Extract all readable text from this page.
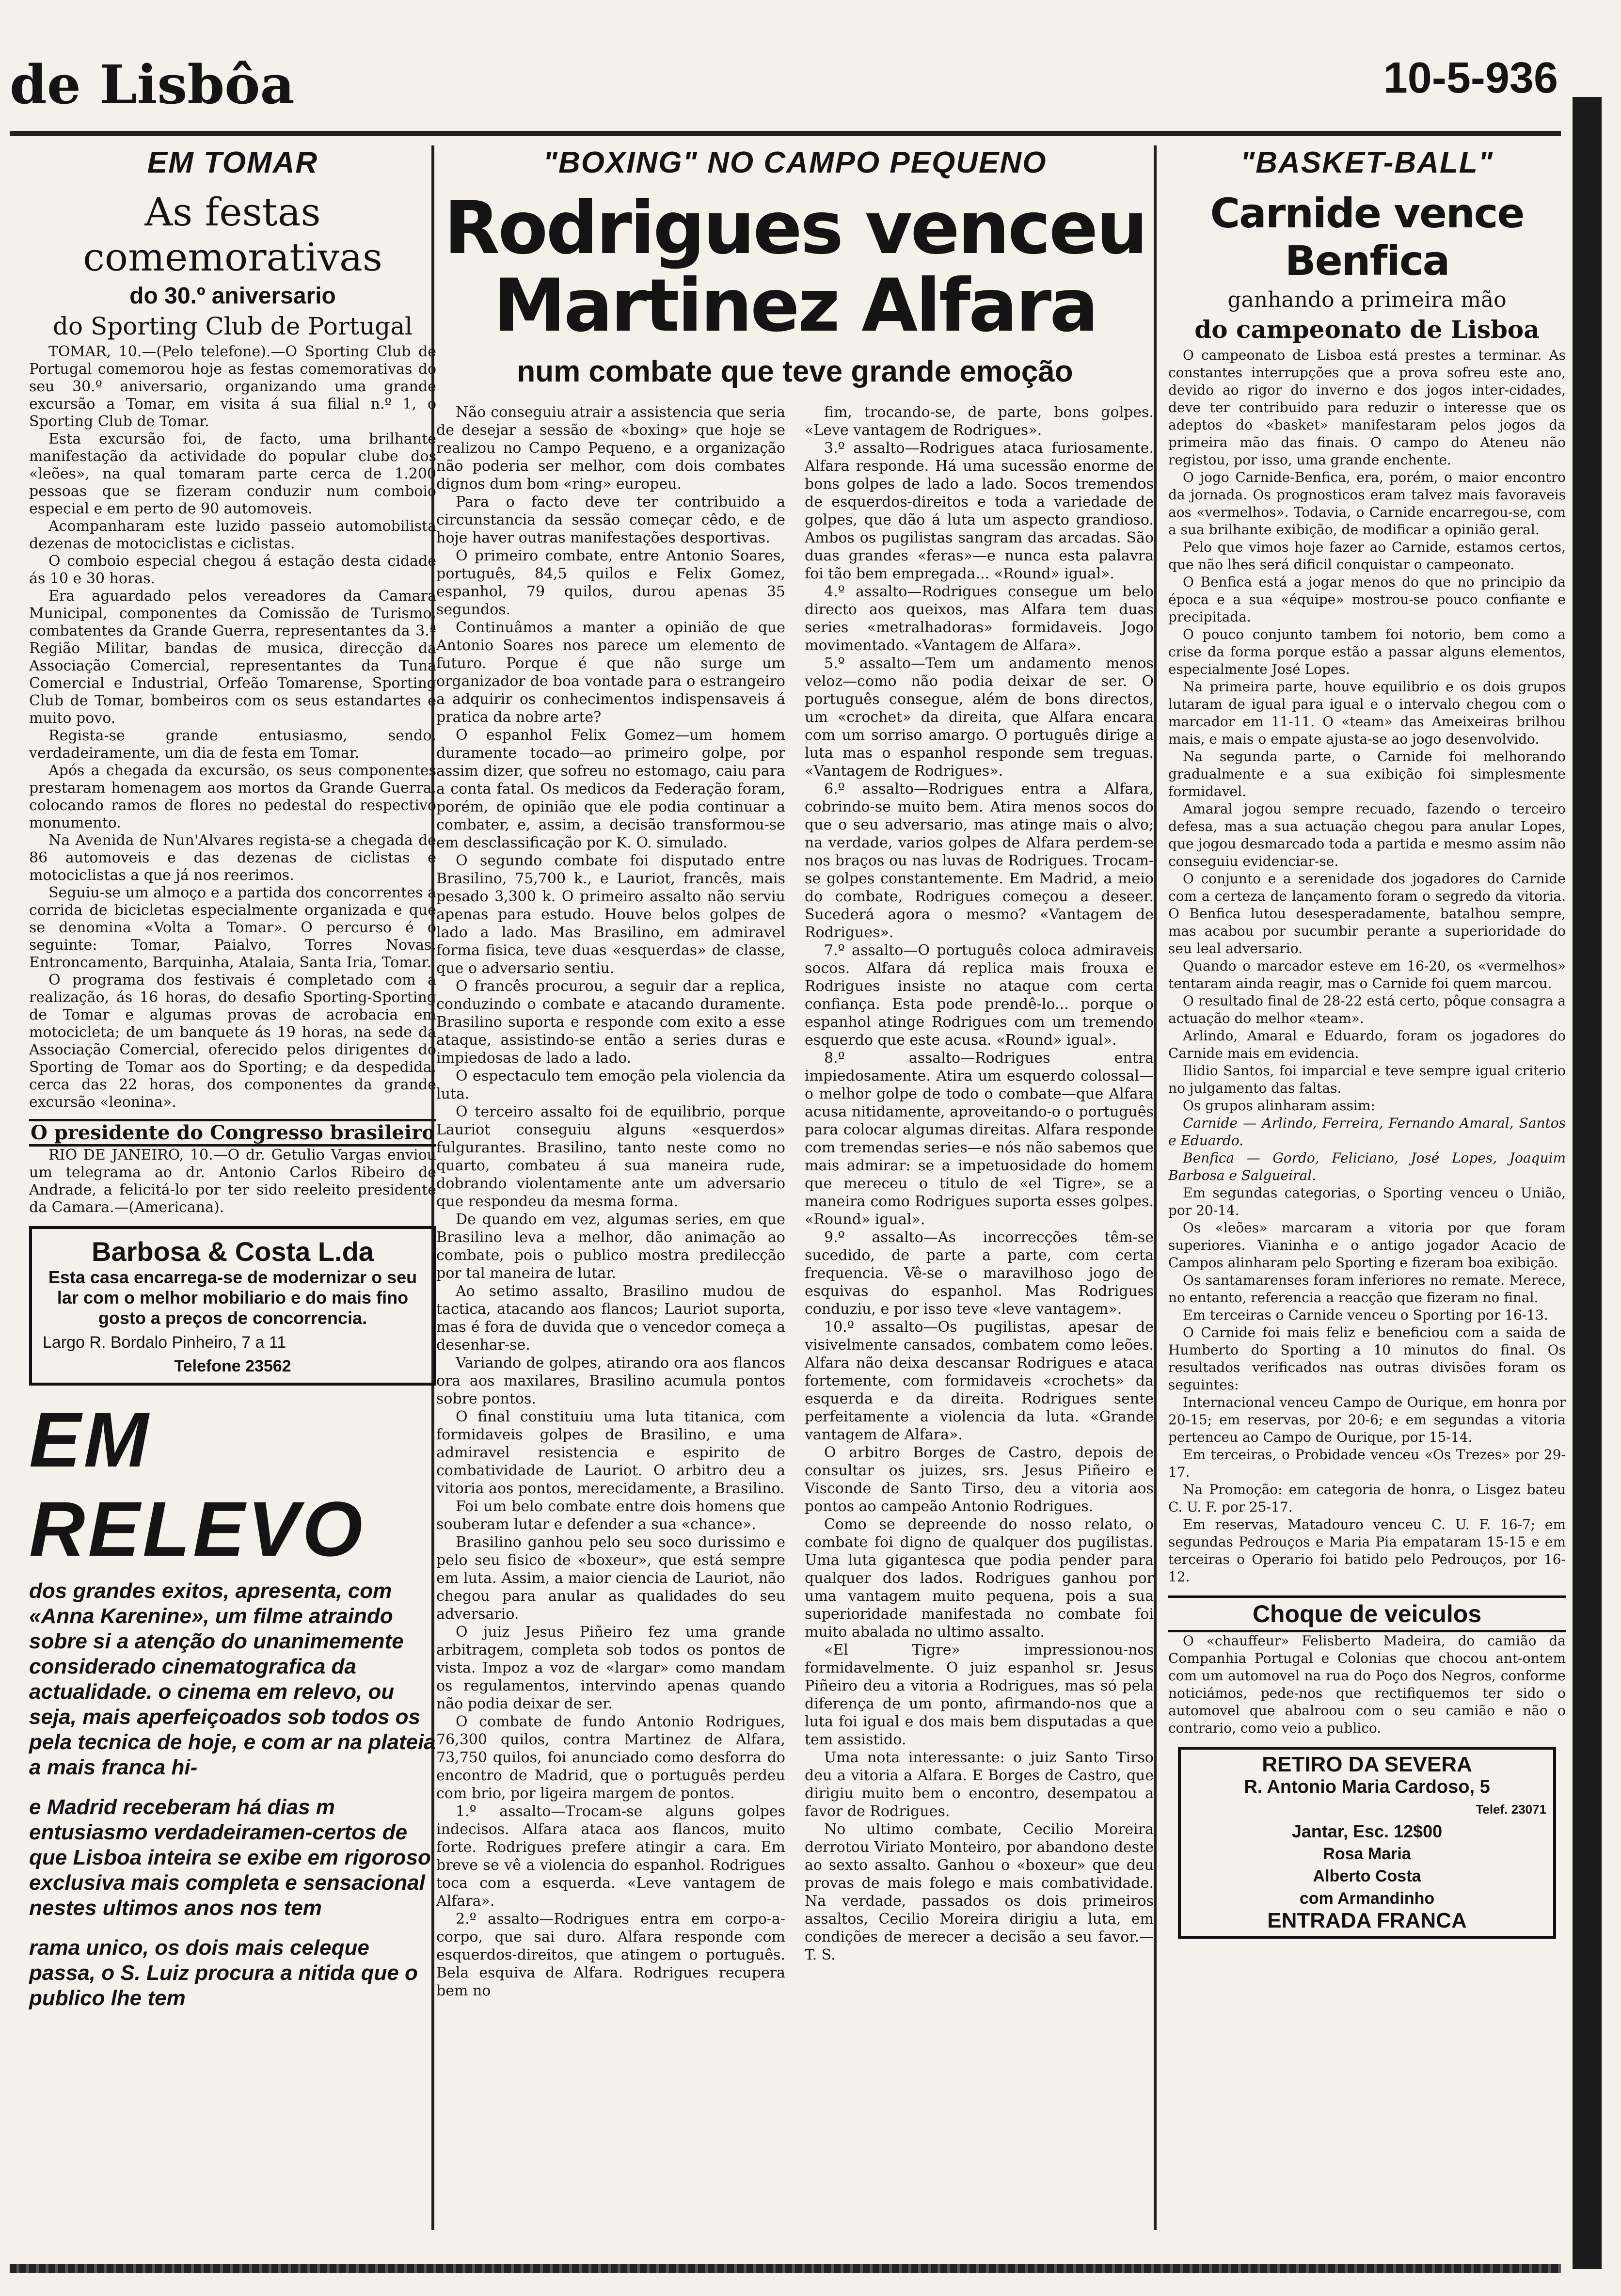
de Lisbôa	10-5-936
EM TOMAR
As festas comemorativas
do 30.º aniversario
do Sporting Club de Portugal

TOMAR, 10.—(Pelo telefone).—O Sporting Club de Portugal comemorou hoje as festas comemorativas do seu 30.º aniversario, organizando uma grande excursão a Tomar, em visita á sua filial n.º 1, o Sporting Club de Tomar.

Esta excursão foi, de facto, uma brilhante manifestação da actividade do popular clube dos «leões», na qual tomaram parte cerca de 1.200 pessoas que se fizeram conduzir num comboio especial e em perto de 90 automoveis.

Acompanharam este luzido passeio automobilista dezenas de motociclistas e ciclistas.

O comboio especial chegou á estação desta cidade ás 10 e 30 horas.

Era aguardado pelos vereadores da Camara Municipal, componentes da Comissão de Turismo, combatentes da Grande Guerra, representantes da 3.ª Região Militar, bandas de musica, direcção da Associação Comercial, representantes da Tuna Comercial e Industrial, Orfeão Tomarense, Sporting Club de Tomar, bombeiros com os seus estandartes e muito povo.

Regista-se grande entusiasmo, sendo, verdadeiramente, um dia de festa em Tomar.

Após a chegada da excursão, os seus componentes prestaram homenagem aos mortos da Grande Guerra, colocando ramos de flores no pedestal do respectivo monumento.

Na Avenida de Nun'Alvares regista-se a chegada de 86 automoveis e das dezenas de ciclistas e motociclistas a que já nos reerimos.

Seguiu-se um almoço e a partida dos concorrentes á corrida de bicicletas especialmente organizada e que se denomina «Volta a Tomar». O percurso é o seguinte: Tomar, Paialvo, Torres Novas, Entroncamento, Barquinha, Atalaia, Santa Iria, Tomar.

O programa dos festivais é completado com a realização, ás 16 horas, do desafio Sporting-Sporting de Tomar e algumas provas de acrobacia em motocicleta; de um banquete ás 19 horas, na sede da Associação Comercial, oferecido pelos dirigentes do Sporting de Tomar aos do Sporting; e da despedida, cerca das 22 horas, dos componentes da grande excursão «leonina».

O presidente do Congresso brasileiro

RIO DE JANEIRO, 10.—O dr. Getulio Vargas enviou um telegrama ao dr. Antonio Carlos Ribeiro de Andrade, a felicitá-lo por ter sido reeleito presidente da Camara.—(Americana).

Barbosa & Costa L.da
Esta casa encarrega-se de modernizar o seu lar com o melhor mobiliario e do mais fino gosto a preços de concorrencia.
Largo R. Bordalo Pinheiro, 7 a 11
Telefone 23562
EM RELEVO

dos grandes exitos, apresenta, com «Anna Karenine», um filme atraindo sobre si a atenção do unanimemente considerado cinematografica da actualidade. o cinema em relevo, ou seja, mais aperfeiçoados sob todos os pela tecnica de hoje, e com ar na plateia a mais franca hi-

e Madrid receberam há dias m entusiasmo verdadeiramen-certos de que Lisboa inteira se exibe em rigoroso exclusiva mais completa e sensacional nestes ultimos anos nos tem

rama unico, os dois mais celeque passa, o S. Luiz procura a nitida que o publico lhe tem

"BOXING" NO CAMPO PEQUENO
Rodrigues venceu Martinez Alfara
num combate que teve grande emoção

Não conseguiu atrair a assistencia que seria de desejar a sessão de «boxing» que hoje se realizou no Campo Pequeno, e a organização não poderia ser melhor, com dois combates dignos dum bom «ring» europeu.

Para o facto deve ter contribuido a circunstancia da sessão começar cêdo, e de hoje haver outras manifestações desportivas.

O primeiro combate, entre Antonio Soares, português, 84,5 quilos e Felix Gomez, espanhol, 79 quilos, durou apenas 35 segundos.

Continuâmos a manter a opinião de que Antonio Soares nos parece um elemento de futuro. Porque é que não surge um organizador de boa vontade para o estrangeiro a adquirir os conhecimentos indispensaveis á pratica da nobre arte?

O espanhol Felix Gomez—um homem duramente tocado—ao primeiro golpe, por assim dizer, que sofreu no estomago, caiu para a conta fatal. Os medicos da Federação foram, porém, de opinião que ele podia continuar a combater, e, assim, a decisão transformou-se em desclassificação por K. O. simulado.

O segundo combate foi disputado entre Brasilino, 75,700 k., e Lauriot, francês, mais pesado 3,300 k. O primeiro assalto não serviu apenas para estudo. Houve belos golpes de lado a lado. Mas Brasilino, em admiravel forma fisica, teve duas «esquerdas» de classe, que o adversario sentiu.

O francês procurou, a seguir dar a replica, conduzindo o combate e atacando duramente. Brasilino suporta e responde com exito a esse ataque, assistindo-se então a series duras e impiedosas de lado a lado.

O espectaculo tem emoção pela violencia da luta.

O terceiro assalto foi de equilibrio, porque Lauriot conseguiu alguns «esquerdos» fulgurantes. Brasilino, tanto neste como no quarto, combateu á sua maneira rude, dobrando violentamente ante um adversario que respondeu da mesma forma.

De quando em vez, algumas series, em que Brasilino leva a melhor, dão animação ao combate, pois o publico mostra predilecção por tal maneira de lutar.

Ao setimo assalto, Brasilino mudou de tactica, atacando aos flancos; Lauriot suporta, mas é fora de duvida que o vencedor começa a desenhar-se.

Variando de golpes, atirando ora aos flancos ora aos maxilares, Brasilino acumula pontos sobre pontos.

O final constituiu uma luta titanica, com formidaveis golpes de Brasilino, e uma admiravel resistencia e espirito de combatividade de Lauriot. O arbitro deu a vitoria aos pontos, merecidamente, a Brasilino.

Foi um belo combate entre dois homens que souberam lutar e defender a sua «chance».

Brasilino ganhou pelo seu soco durissimo e pelo seu fisico de «boxeur», que está sempre em luta. Assim, a maior ciencia de Lauriot, não chegou para anular as qualidades do seu adversario.

O juiz Jesus Piñeiro fez uma grande arbitragem, completa sob todos os pontos de vista. Impoz a voz de «largar» como mandam os regulamentos, intervindo apenas quando não podia deixar de ser.

O combate de fundo Antonio Rodrigues, 76,300 quilos, contra Martinez de Alfara, 73,750 quilos, foi anunciado como desforra do encontro de Madrid, que o português perdeu com brio, por ligeira margem de pontos.

1.º assalto—Trocam-se alguns golpes indecisos. Alfara ataca aos flancos, muito forte. Rodrigues prefere atingir a cara. Em breve se vê a violencia do espanhol. Rodrigues toca com a esquerda. «Leve vantagem de Alfara».

2.º assalto—Rodrigues entra em corpo-a-corpo, que sai duro. Alfara responde com esquerdos-direitos, que atingem o português. Bela esquiva de Alfara. Rodrigues recupera bem no

fim, trocando-se, de parte, bons golpes. «Leve vantagem de Rodrigues».

3.º assalto—Rodrigues ataca furiosamente. Alfara responde. Há uma sucessão enorme de bons golpes de lado a lado. Socos tremendos de esquerdos-direitos e toda a variedade de golpes, que dão á luta um aspecto grandioso. Ambos os pugilistas sangram das arcadas. São duas grandes «feras»—e nunca esta palavra foi tão bem empregada... «Round» igual».

4.º assalto—Rodrigues consegue um belo directo aos queixos, mas Alfara tem duas series «metralhadoras» formidaveis. Jogo movimentado. «Vantagem de Alfara».

5.º assalto—Tem um andamento menos veloz—como não podia deixar de ser. O português consegue, além de bons directos, um «crochet» da direita, que Alfara encara com um sorriso amargo. O português dirige a luta mas o espanhol responde sem treguas. «Vantagem de Rodrigues».

6.º assalto—Rodrigues entra a Alfara, cobrindo-se muito bem. Atira menos socos do que o seu adversario, mas atinge mais o alvo; na verdade, varios golpes de Alfara perdem-se nos braços ou nas luvas de Rodrigues. Trocam-se golpes constantemente. Em Madrid, a meio do combate, Rodrigues começou a deseer. Sucederá agora o mesmo? «Vantagem de Rodrigues».

7.º assalto—O português coloca admiraveis socos. Alfara dá replica mais frouxa e Rodrigues insiste no ataque com certa confiança. Esta pode prendê-lo... porque o espanhol atinge Rodrigues com um tremendo esquerdo que este acusa. «Round» igual».

8.º assalto—Rodrigues entra impiedosamente. Atira um esquerdo colossal—o melhor golpe de todo o combate—que Alfara acusa nitidamente, aproveitando-o o português para colocar algumas direitas. Alfara responde com tremendas series—e nós não sabemos que mais admirar: se a impetuosidade do homem que mereceu o titulo de «el Tigre», se a maneira como Rodrigues suporta esses golpes. «Round» igual».

9.º assalto—As incorrecções têm-se sucedido, de parte a parte, com certa frequencia. Vê-se o maravilhoso jogo de esquivas do espanhol. Mas Rodrigues conduziu, e por isso teve «leve vantagem».

10.º assalto—Os pugilistas, apesar de visivelmente cansados, combatem como leões. Alfara não deixa descansar Rodrigues e ataca fortemente, com formidaveis «crochets» da esquerda e da direita. Rodrigues sente perfeitamente a violencia da luta. «Grande vantagem de Alfara».

O arbitro Borges de Castro, depois de consultar os juizes, srs. Jesus Piñeiro e Visconde de Santo Tirso, deu a vitoria aos pontos ao campeão Antonio Rodrigues.

Como se depreende do nosso relato, o combate foi digno de qualquer dos pugilistas. Uma luta gigantesca que podia pender para qualquer dos lados. Rodrigues ganhou por uma vantagem muito pequena, pois a sua superioridade manifestada no combate foi muito abalada no ultimo assalto.

«El Tigre» impressionou-nos formidavelmente. O juiz espanhol sr. Jesus Piñeiro deu a vitoria a Rodrigues, mas só pela diferença de um ponto, afirmando-nos que a luta foi igual e dos mais bem disputadas a que tem assistido.

Uma nota interessante: o juiz Santo Tirso deu a vitoria a Alfara. E Borges de Castro, que dirigiu muito bem o encontro, desempatou a favor de Rodrigues.

No ultimo combate, Cecilio Moreira derrotou Viriato Monteiro, por abandono deste ao sexto assalto. Ganhou o «boxeur» que deu provas de mais folego e mais combatividade. Na verdade, passados os dois primeiros assaltos, Cecilio Moreira dirigiu a luta, em condições de merecer a decisão a seu favor.—T. S.

"BASKET-BALL"
Carnide vence Benfica
ganhando a primeira mão
do campeonato de Lisboa

O campeonato de Lisboa está prestes a terminar. As constantes interrupções que a prova sofreu este ano, devido ao rigor do inverno e dos jogos inter-cidades, deve ter contribuido para reduzir o interesse que os adeptos do «basket» manifestaram pelos jogos da primeira mão das finais. O campo do Ateneu não registou, por isso, uma grande enchente.

O jogo Carnide-Benfica, era, porém, o maior encontro da jornada. Os prognosticos eram talvez mais favoraveis aos «vermelhos». Todavia, o Carnide encarregou-se, com a sua brilhante exibição, de modificar a opinião geral.

Pelo que vimos hoje fazer ao Carnide, estamos certos, que não lhes será dificil conquistar o campeonato.

O Benfica está a jogar menos do que no principio da época e a sua «équipe» mostrou-se pouco confiante e precipitada.

O pouco conjunto tambem foi notorio, bem como a crise da forma porque estão a passar alguns elementos, especialmente José Lopes.

Na primeira parte, houve equilibrio e os dois grupos lutaram de igual para igual e o intervalo chegou com o marcador em 11-11. O «team» das Ameixeiras brilhou mais, e mais o empate ajusta-se ao jogo desenvolvido.

Na segunda parte, o Carnide foi melhorando gradualmente e a sua exibição foi simplesmente formidavel.

Amaral jogou sempre recuado, fazendo o terceiro defesa, mas a sua actuação chegou para anular Lopes, que jogou desmarcado toda a partida e mesmo assim não conseguiu evidenciar-se.

O conjunto e a serenidade dos jogadores do Carnide com a certeza de lançamento foram o segredo da vitoria. O Benfica lutou desesperadamente, batalhou sempre, mas acabou por sucumbir perante a superioridade do seu leal adversario.

Quando o marcador esteve em 16-20, os «vermelhos» tentaram ainda reagir, mas o Carnide foi quem marcou.

O resultado final de 28-22 está certo, pôque consagra a actuação do melhor «team».

Arlindo, Amaral e Eduardo, foram os jogadores do Carnide mais em evidencia.

Ilidio Santos, foi imparcial e teve sempre igual criterio no julgamento das faltas.

Os grupos alinharam assim:

Carnide — Arlindo, Ferreira, Fernando Amaral, Santos e Eduardo.

Benfica — Gordo, Feliciano, José Lopes, Joaquim Barbosa e Salgueiral.

Em segundas categorias, o Sporting venceu o União, por 20-14.

Os «leões» marcaram a vitoria por que foram superiores. Vianinha e o antigo jogador Acacio de Campos alinharam pelo Sporting e fizeram boa exibição.

Os santamarenses foram inferiores no remate. Merece, no entanto, referencia a reacção que fizeram no final.

Em terceiras o Carnide venceu o Sporting por 16-13.

O Carnide foi mais feliz e beneficiou com a saida de Humberto do Sporting a 10 minutos do final. Os resultados verificados nas outras divisões foram os seguintes:

Internacional venceu Campo de Ourique, em honra por 20-15; em reservas, por 20-6; e em segundas a vitoria pertenceu ao Campo de Ourique, por 15-14.

Em terceiras, o Probidade venceu «Os Trezes» por 29-17.

Na Promoção: em categoria de honra, o Lisgez bateu C. U. F. por 25-17.

Em reservas, Matadouro venceu C. U. F. 16-7; em segundas Pedrouços e Maria Pia empataram 15-15 e em terceiras o Operario foi batido pelo Pedrouços, por 16-12.

Choque de veiculos

O «chauffeur» Felisberto Madeira, do camião da Companhia Portugal e Colonias que chocou ant-ontem com um automovel na rua do Poço dos Negros, conforme noticiámos, pede-nos que rectifiquemos ter sido o automovel que abalroou com o seu camião e não o contrario, como veio a publico.

RETIRO DA SEVERA
R. Antonio Maria Cardoso, 5
Telef. 23071
Jantar, Esc. 12$00
Rosa Maria
Alberto Costa
com Armandinho
ENTRADA FRANCA
